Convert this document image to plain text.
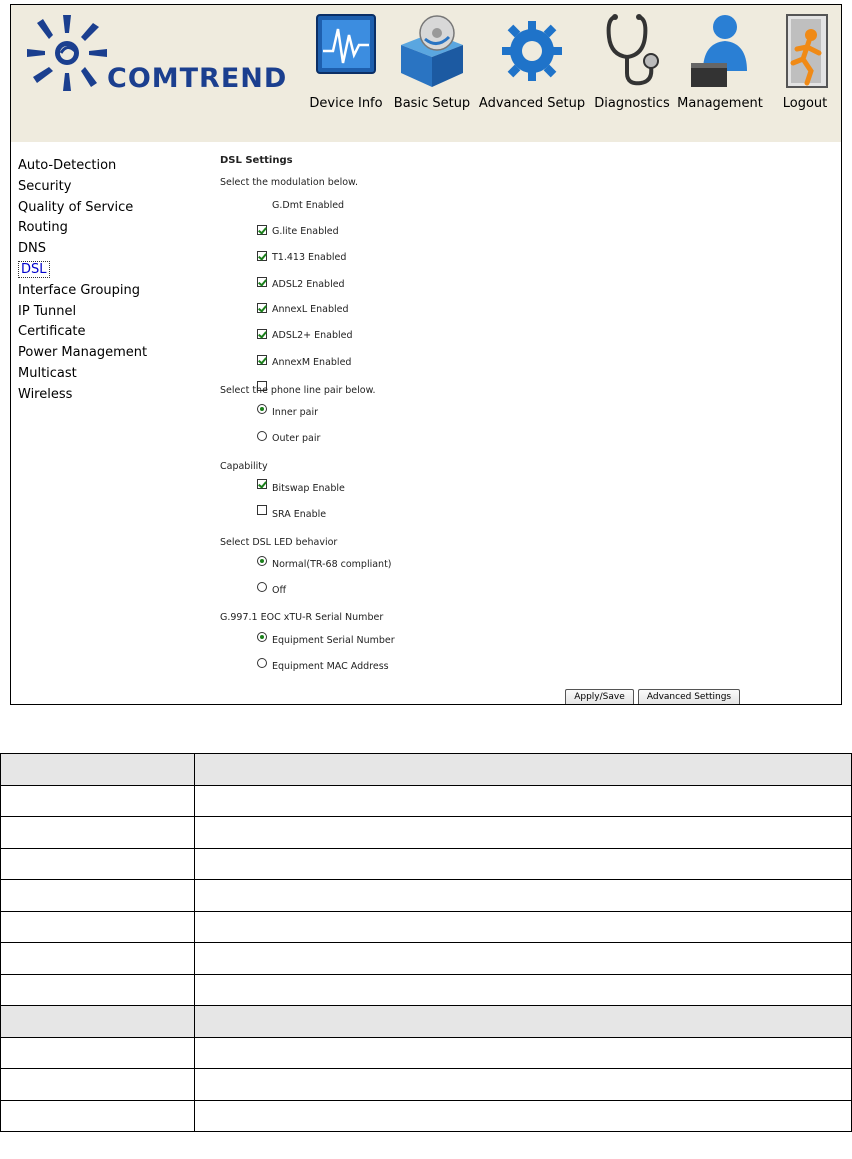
COMTREND
Device Info Basic Setup Advanced Setup Diagnostics Management	Logout
Auto-Detection
Security
Quality of Service
Routing
DNS
DSL
Interface Grouping
IP Tunnel
Certificate
Power Management
Multicast
Wireless
DSL Settings
Select the modulation below.
G.Dmt Enabled
G.lite Enabled
T1.413 Enabled
ADSL2 Enabled
AnnexL Enabled
ADSL2+ Enabled
AnnexM Enabled
Select the phone line pair below.
Inner pair
Outer pair
Capability
Bitswap Enable
SRA Enable
Select DSL LED behavior
Normal(TR-68 compliant)
Off
G.997.1 EOC xTU-R Serial Number
Equipment Serial Number
Equipment MAC Address
Apply/Save	Advanced Settings
